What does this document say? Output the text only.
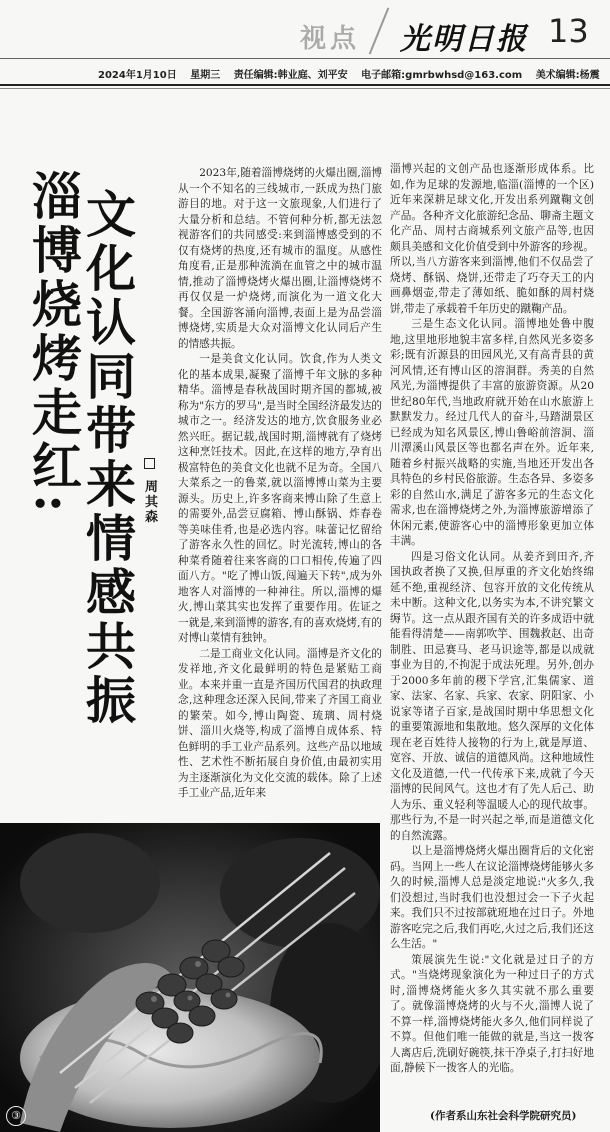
视点 光明日报 13
2024年1月10日 星期三 责任编辑:韩业庭、刘平安 电子邮箱:gmrbwhsd@163.com 美术编辑:杨震
淄博烧烤走红:
文化认同带来情感共振 周其森

2023年,随着淄博烧烤的火爆出圈,淄博从一个不知名的三线城市,一跃成为热门旅游目的地。对于这一文旅现象,人们进行了大量分析和总结。不管何种分析,都无法忽视游客们的共同感受:来到淄博感受到的不仅有烧烤的热度,还有城市的温度。从感性角度看,正是那种流淌在血管之中的城市温情,推动了淄博烧烤火爆出圈,让淄博烧烤不再仅仅是一炉烧烤,而演化为一道文化大餐。全国游客涌向淄博,表面上是为品尝淄博烧烤,实质是大众对淄博文化认同后产生的情感共振。

一是美食文化认同。饮食,作为人类文化的基本成果,凝聚了淄博千年文脉的多种精华。淄博是春秋战国时期齐国的都城,被称为"东方的罗马",是当时全国经济最发达的城市之一。经济发达的地方,饮食服务业必然兴旺。据记载,战国时期,淄博就有了烧烤这种烹饪技术。因此,在这样的地方,孕育出极富特色的美食文化也就不足为奇。全国八大菜系之一的鲁菜,就以淄博博山菜为主要源头。历史上,许多客商来博山除了生意上的需要外,品尝豆腐箱、博山酥锅、炸春卷等美味佳肴,也是必选内容。味蕾记忆留给了游客永久性的回忆。时光流转,博山的各种菜肴随着往来客商的口口相传,传遍了四面八方。"吃了博山饭,闯遍天下转",成为外地客人对淄博的一种神往。所以,淄博的爆火,博山菜其实也发挥了重要作用。佐证之一就是,来到淄博的游客,有的喜欢烧烤,有的对博山菜情有独钟。

二是工商业文化认同。淄博是齐文化的发祥地,齐文化最鲜明的特色是紧贴工商业。本来并重一直是齐国历代国君的执政理念,这种理念还深入民间,带来了齐国工商业的繁荣。如今,博山陶瓷、琉璃、周村烧饼、淄川火烧等,构成了淄博自成体系、特色鲜明的手工业产品系列。这些产品以地域性、艺术性不断拓展自身价值,由最初实用为主逐渐演化为文化交流的载体。除了上述手工业产品,近年来

淄博兴起的文创产品也逐渐形成体系。比如,作为足球的发源地,临淄(淄博的一个区)近年来深耕足球文化,开发出系列蹴鞠文创产品。各种齐文化旅游纪念品、聊斋主题文化产品、周村古商城系列文旅产品等,也因颇具美感和文化价值受到中外游客的珍视。所以,当八方游客来到淄博,他们不仅品尝了烧烤、酥锅、烧饼,还带走了巧夺天工的内画鼻烟壶,带走了薄如纸、脆如酥的周村烧饼,带走了承载着千年历史的蹴鞠产品。

三是生态文化认同。淄博地处鲁中腹地,这里地形地貌丰富多样,自然风光多姿多彩;既有沂源县的田园风光,又有高青县的黄河风情,还有博山区的溶洞群。秀美的自然风光,为淄博提供了丰富的旅游资源。从20世纪80年代,当地政府就开始在山水旅游上默默发力。经过几代人的奋斗,马踏湖景区已经成为知名风景区,博山鲁峪前溶洞、淄川潭溪山风景区等也都名声在外。近年来,随着乡村振兴战略的实施,当地还开发出各具特色的乡村民俗旅游。生态各异、多姿多彩的自然山水,满足了游客多元的生态文化需求,也在淄博烧烤之外,为淄博旅游增添了休闲元素,使游客心中的淄博形象更加立体丰满。

四是习俗文化认同。从姜齐到田齐,齐国执政者换了又换,但厚重的齐文化始终绵延不绝,重视经济、包容开放的文化传统从未中断。这种文化,以务实为本,不讲究繁文缛节。这一点从跟齐国有关的许多成语中就能看得清楚——南郭吹竽、围魏救赵、出奇制胜、田忌赛马、老马识途等,都是以成就事业为目的,不拘泥于成法死理。另外,创办于2000多年前的稷下学宫,汇集儒家、道家、法家、名家、兵家、农家、阴阳家、小说家等诸子百家,是战国时期中华思想文化的重要策源地和集散地。悠久深厚的文化体现在老百姓待人接物的行为上,就是厚道、宽容、开放、诚信的道德风尚。这种地域性文化及道德,一代一代传承下来,成就了今天淄博的民间风气。这也才有了先人后己、助人为乐、重义轻利等温暖人心的现代故事。那些行为,不是一时兴起之举,而是道德文化的自然流露。

以上是淄博烧烤火爆出圈背后的文化密码。当网上一些人在议论淄博烧烤能够火多久的时候,淄博人总是淡定地说:"火多久,我们没想过,当时我们也没想过会一下子火起来。我们只不过按部就班地在过日子。外地游客吃完之后,我们再吃,火过之后,我们还这么生活。"

策展演先生说:"文化就是过日子的方式。"当烧烤现象演化为一种过日子的方式时,淄博烧烤能火多久其实就不那么重要了。就像淄博烧烤的火与不火,淄博人说了不算一样,淄博烧烤能火多久,他们同样说了不算。但他们唯一能做的就是,当这一拨客人离店后,洗刷好碗筷,抹干净桌子,打扫好地面,静候下一拨客人的光临。

(作者系山东社会科学院研究员)
③
